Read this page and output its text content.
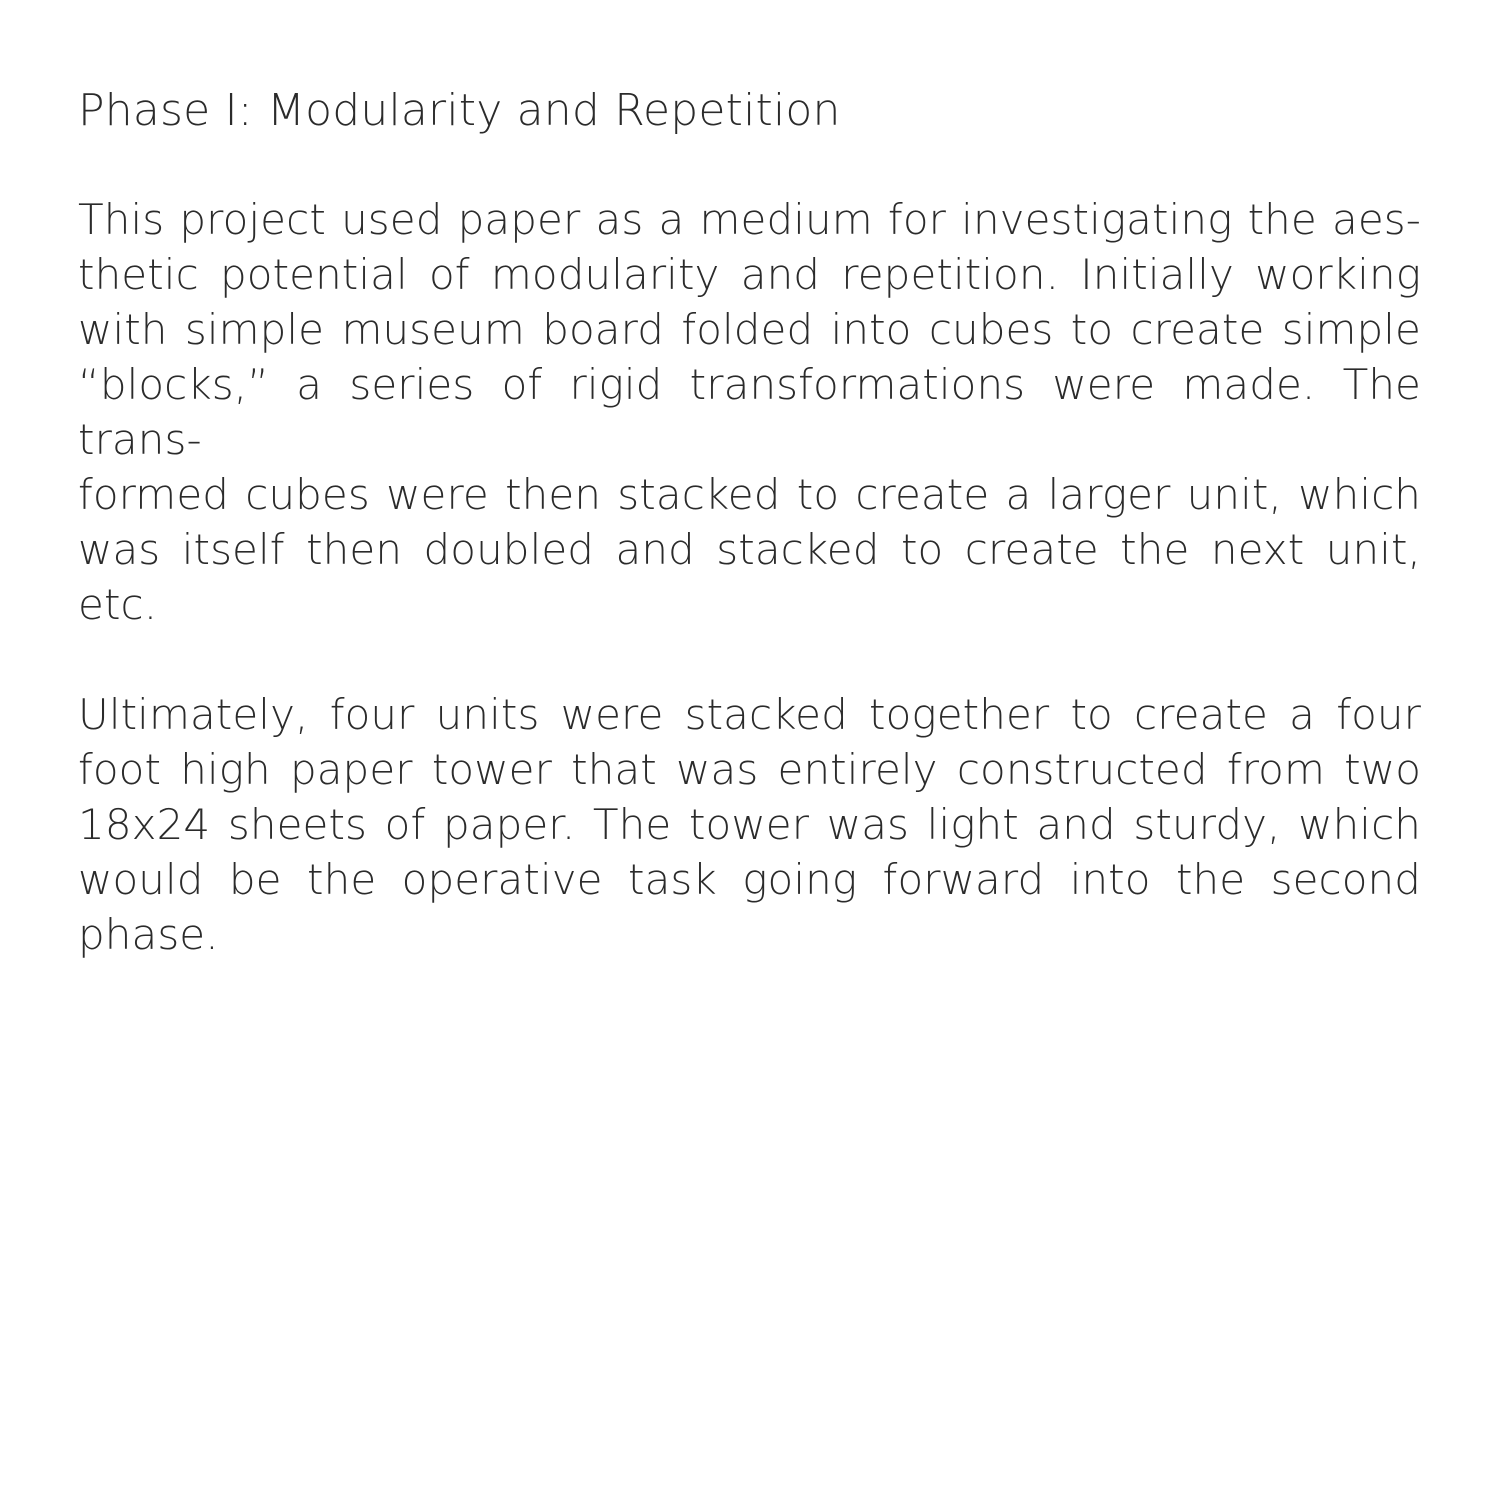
Phase I: Modularity and Repetition
This project used paper as a medium for investigating the aes-
thetic potential of modularity and repetition. Initially working
with simple museum board folded into cubes to create simple
“blocks,” a series of rigid transformations were made. The trans-
formed cubes were then stacked to create a larger unit, which
was itself then doubled and stacked to create the next unit,
etc.
Ultimately, four units were stacked together to create a four
foot high paper tower that was entirely constructed from two
18x24 sheets of paper. The tower was light and sturdy, which
would be the operative task going forward into the second
phase.
